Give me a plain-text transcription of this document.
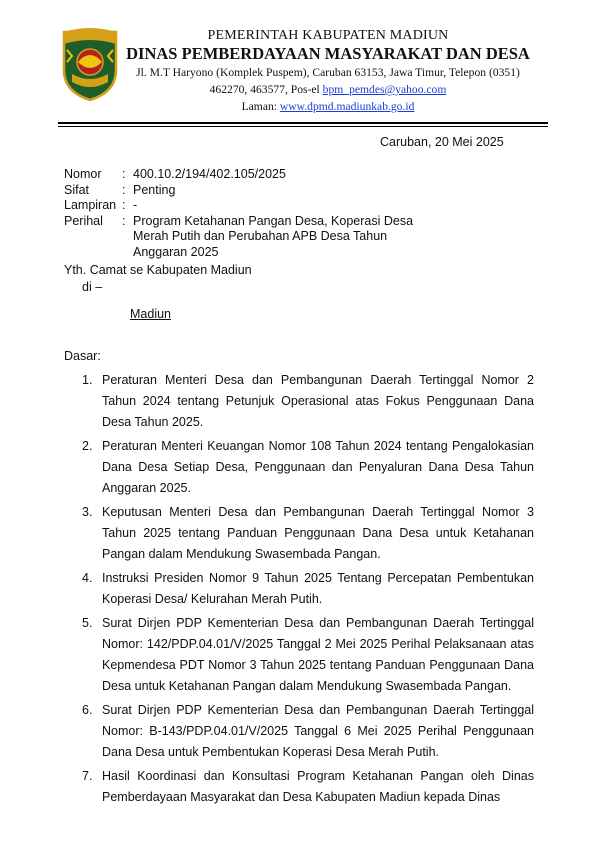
PEMERINTAH KABUPATEN MADIUN
DINAS PEMBERDAYAAN MASYARAKAT DAN DESA
Jl. M.T Haryono (Komplek Puspem), Caruban 63153, Jawa Timur, Telepon (0351)
462270, 463577, Pos-el bpm_pemdes@yahoo.com
Laman: www.dpmd.madiunkab.go.id
Caruban, 20 Mei 2025
Nomor	: 400.10.2/194/402.105/2025
Sifat	: Penting
Lampiran : -
Perihal	: Program Ketahanan Pangan Desa, Koperasi Desa Merah Putih dan Perubahan APB Desa Tahun Anggaran 2025
Yth. Camat se Kabupaten Madiun
di –
Madiun
Dasar:
1. Peraturan Menteri Desa dan Pembangunan Daerah Tertinggal Nomor 2 Tahun 2024 tentang Petunjuk Operasional atas Fokus Penggunaan Dana Desa Tahun 2025.
2. Peraturan Menteri Keuangan Nomor 108 Tahun 2024 tentang Pengalokasian Dana Desa Setiap Desa, Penggunaan dan Penyaluran Dana Desa Tahun Anggaran 2025.
3. Keputusan Menteri Desa dan Pembangunan Daerah Tertinggal Nomor 3 Tahun 2025 tentang Panduan Penggunaan Dana Desa untuk Ketahanan Pangan dalam Mendukung Swasembada Pangan.
4. Instruksi Presiden Nomor 9 Tahun 2025 Tentang Percepatan Pembentukan Koperasi Desa/ Kelurahan Merah Putih.
5. Surat Dirjen PDP Kementerian Desa dan Pembangunan Daerah Tertinggal Nomor: 142/PDP.04.01/V/2025 Tanggal 2 Mei 2025 Perihal Pelaksanaan atas Kepmendesa PDT Nomor 3 Tahun 2025 tentang Panduan Penggunaan Dana Desa untuk Ketahanan Pangan dalam Mendukung Swasembada Pangan.
6. Surat Dirjen PDP Kementerian Desa dan Pembangunan Daerah Tertinggal Nomor: B-143/PDP.04.01/V/2025 Tanggal 6 Mei 2025 Perihal Penggunaan Dana Desa untuk Pembentukan Koperasi Desa Merah Putih.
7. Hasil Koordinasi dan Konsultasi Program Ketahanan Pangan oleh Dinas Pemberdayaan Masyarakat dan Desa Kabupaten Madiun kepada Dinas
